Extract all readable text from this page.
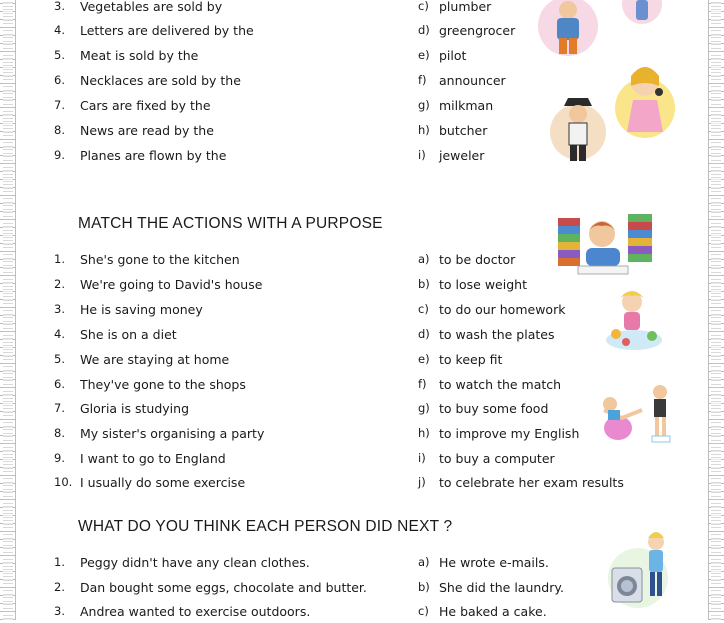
3. Vegetables are sold by	c) plumber
4. Letters are delivered by the	d) greengrocer
5. Meat is sold by the	e) pilot
6. Necklaces are sold by the	f) announcer
7. Cars are fixed by the	g) milkman
8. News are read by the	h) butcher
9. Planes are flown by the	i) jeweler
MATCH THE ACTIONS WITH A PURPOSE
1. She's gone to the kitchen	a) to be doctor
2. We're going to David's house	b) to lose weight
3. He is saving money	c) to do our homework
4. She is on a diet	d) to wash the plates
5. We are staying at home	e) to keep fit
6. They've gone to the shops	f) to watch the match
7. Gloria is studying	g) to buy some food
8. My sister's organising a party	h) to improve my English
9. I want to go to England	i) to buy a computer
10. I usually do some exercise	j) to celebrate her exam results
WHAT DO YOU THINK EACH PERSON DID NEXT ?
1. Peggy didn't have any clean clothes.	a) He wrote e-mails.
2. Dan bought some eggs, chocolate and butter.	b) She did the laundry.
3. Andrea wanted to exercise outdoors.	c) He baked a cake.
